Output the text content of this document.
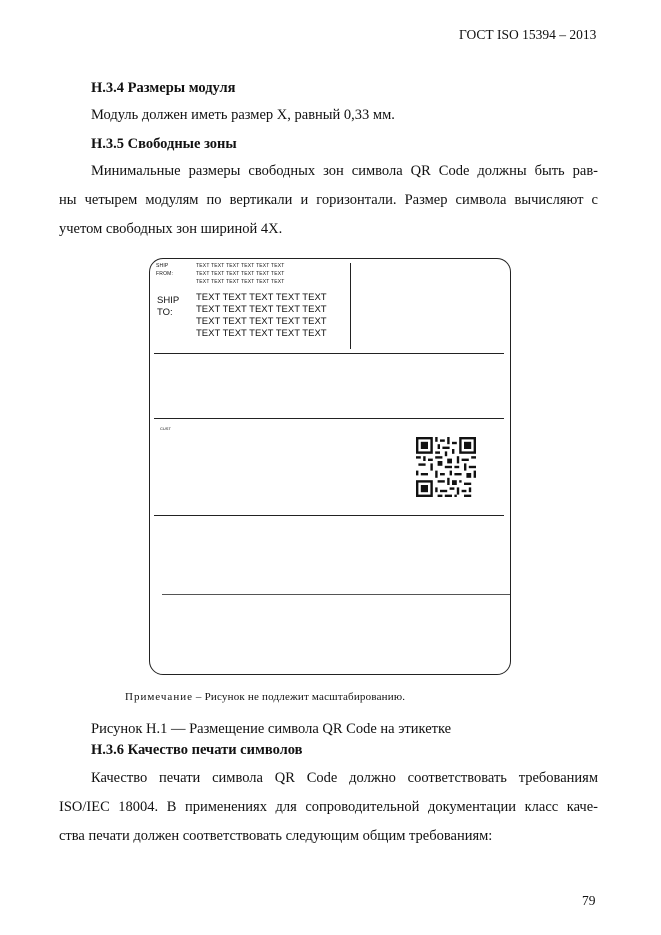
ГОСТ ISO 15394 – 2013
H.3.4 Размеры модуля
Модуль должен иметь размер X, равный 0,33 мм.
H.3.5 Свободные зоны
Минимальные размеры свободных зон символа QR Code должны быть рав-
ны четырем модулям по вертикали и горизонтали. Размер символа вычисляют с
учетом свободных зон шириной 4X.
SHIP
FROM:
TEXT TEXT TEXT TEXT TEXT TEXT
TEXT TEXT TEXT TEXT TEXT TEXT
TEXT TEXT TEXT TEXT TEXT TEXT
SHIP
TO:
TEXT TEXT TEXT TEXT TEXT
TEXT TEXT TEXT TEXT TEXT
TEXT TEXT TEXT TEXT TEXT
TEXT TEXT TEXT TEXT TEXT
CUST
Примечание – Рисунок не подлежит масштабированию.
Рисунок H.1 — Размещение символа QR Code на этикетке
H.3.6 Качество печати символов
Качество печати символа QR Code должно соответствовать требованиям
ISO/IEC 18004. В применениях для сопроводительной документации класс каче-
ства печати должен соответствовать следующим общим требованиям:
79
